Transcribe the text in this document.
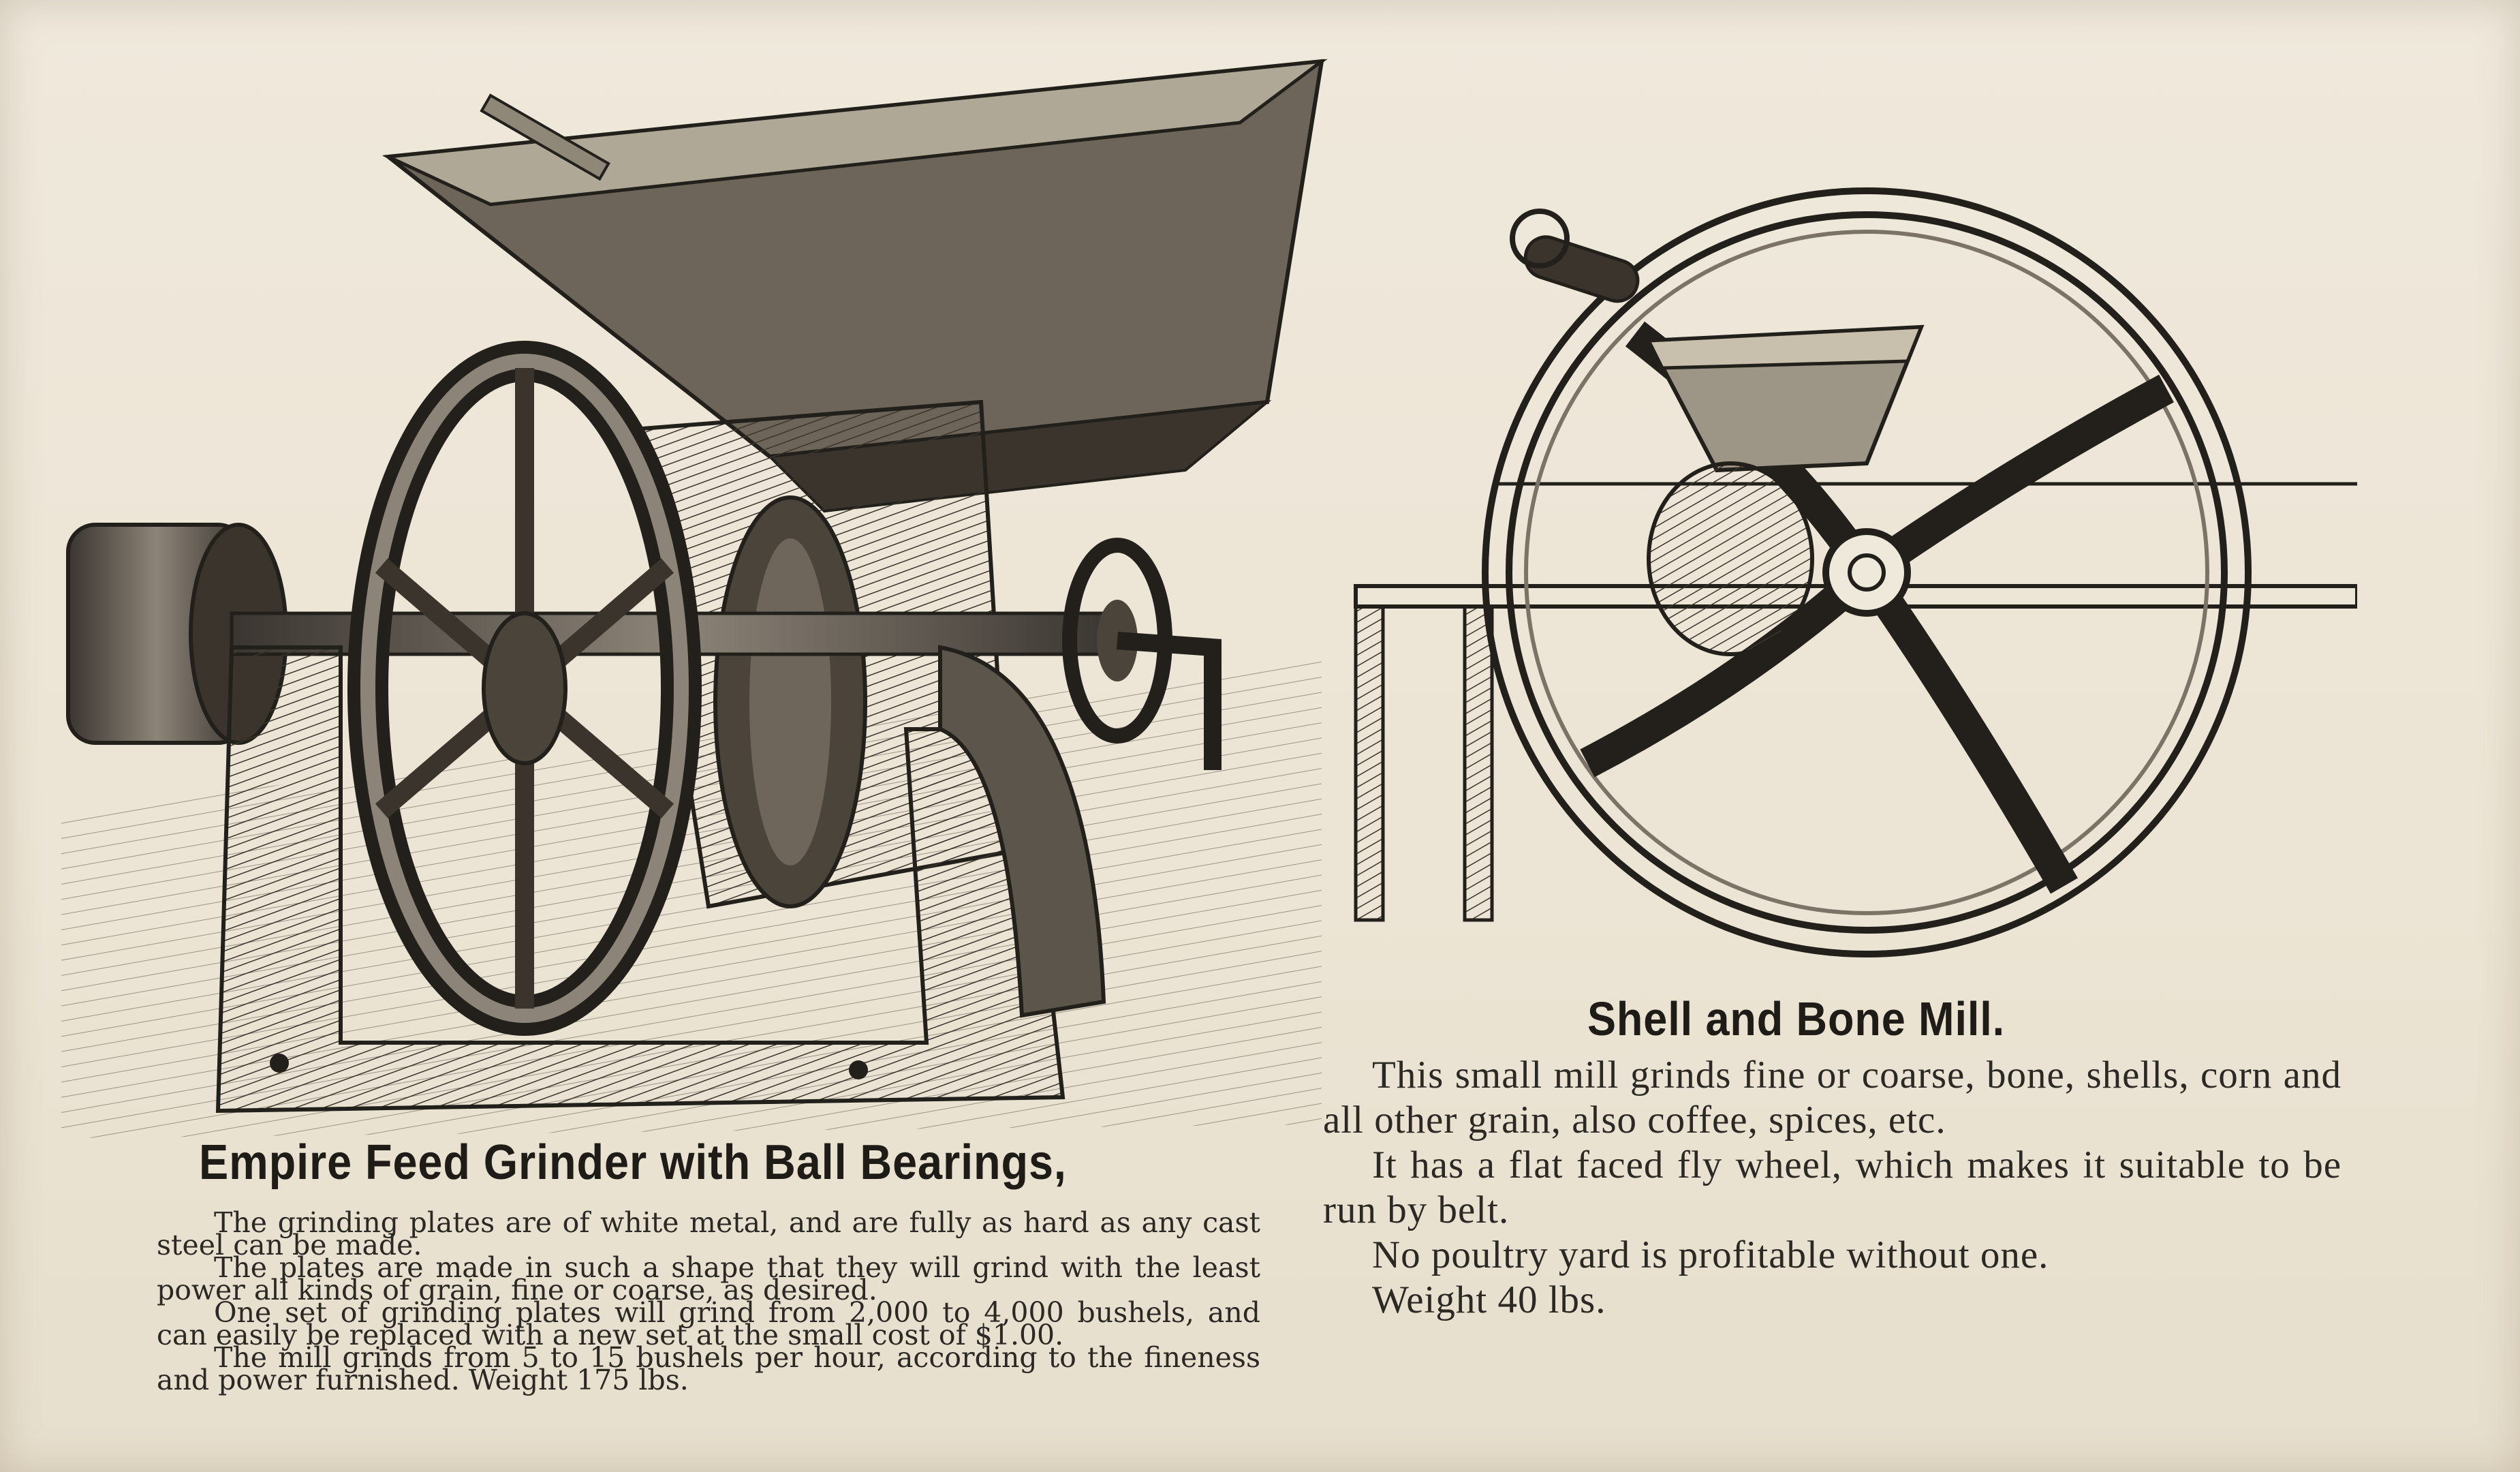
Empire Feed Grinder with Ball Bearings,

The grinding plates are of white metal, and are fully as hard as any cast steel can be made.

The plates are made in such a shape that they will grind with the least power all kinds of grain, fine or coarse, as desired.

One set of grinding plates will grind from 2,000 to 4,000 bushels, and can easily be replaced with a new set at the small cost of $1.00.

The mill grinds from 5 to 15 bushels per hour, according to the fineness and power furnished. Weight 175 lbs.

Shell and Bone Mill.

This small mill grinds fine or coarse, bone, shells, corn and all other grain, also coffee, spices, etc.

It has a flat faced fly wheel, which makes it suitable to be run by belt.

No poultry yard is profitable without one.

Weight 40 lbs.
